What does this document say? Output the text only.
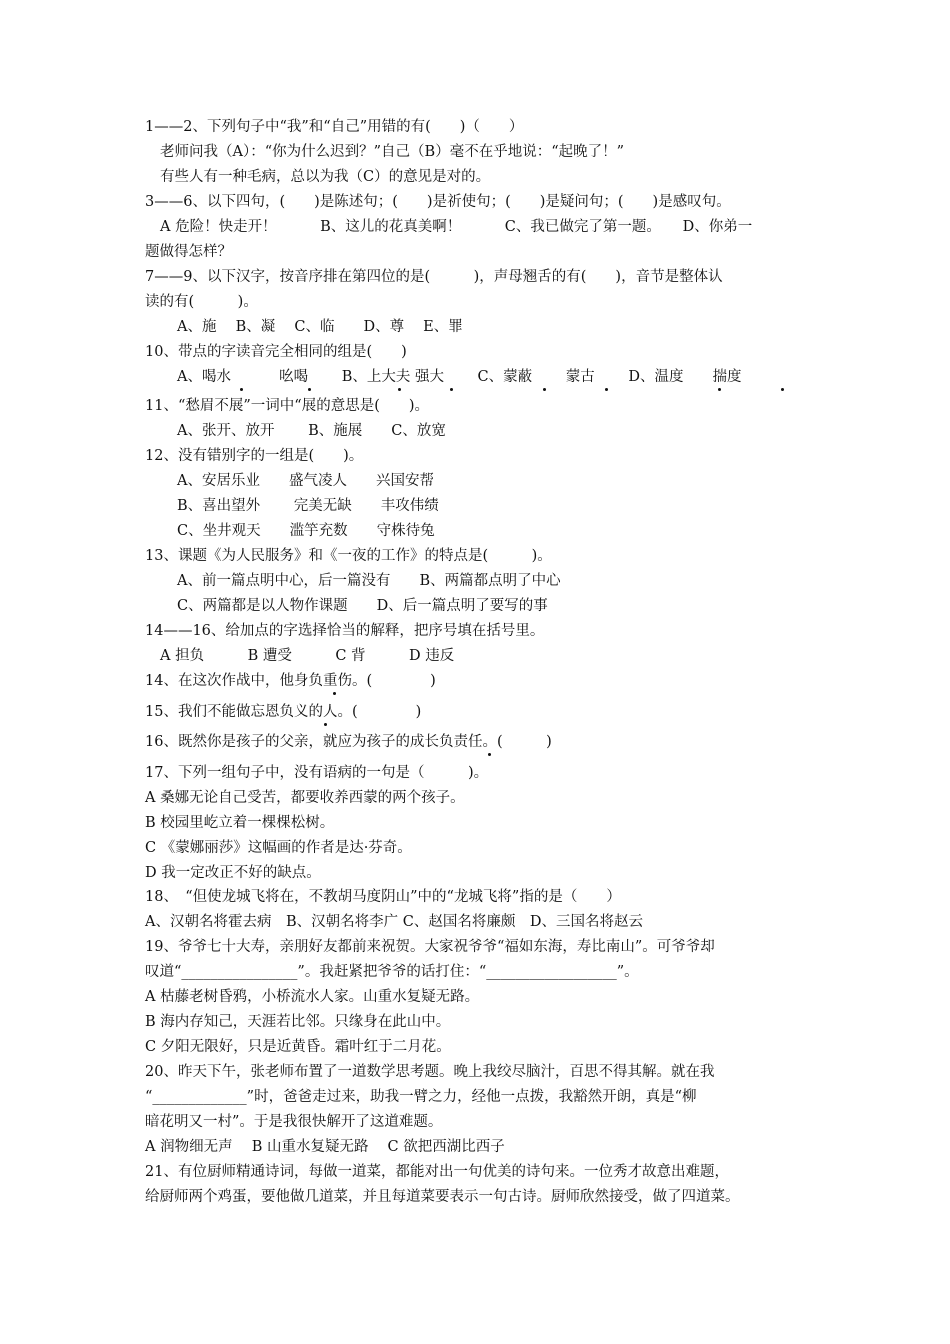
1——2、下列句子中“我”和“自己”用错的有(　　)（　　）
老师问我（A）：“你为什么迟到？”自己（B）毫不在乎地说：“起晚了！”
有些人有一种毛病，总以为我（C）的意见是对的。
3——6、以下四句，(　　)是陈述句；(　　)是祈使句；(　　)是疑问句；(　　)是感叹句。
A 危险！快走开！　　　B、这儿的花真美啊！　　　C、我已做完了第一题。　　D、你弟一
题做得怎样？
7——9、以下汉字，按音序排在第四位的是(　　　)，声母翘舌的有(　　)，音节是整体认
读的有(　　　)。
A、施　 B、凝　 C、临　　D、尊　 E、罪
10、带点的字读音完全相同的组是(　　)
A、喝水　　　 吆喝　　 B、上大夫 强大　　 C、蒙蔽　　 蒙古　　 D、温度　　揣度
11、“愁眉不展”一词中“展的意思是(　　)。
A、张开、放开　　 B、施展　　C、放宽
12、没有错别字的一组是(　　)。
A、安居乐业　　盛气凌人　　兴国安帮
B、喜出望外　　 完美无缺　　丰攻伟绩
C、坐井观天　　滥竽充数　　守株待兔
13、课题《为人民服务》和《一夜的工作》的特点是(　　　)。
A、前一篇点明中心，后一篇没有　　B、两篇都点明了中心
C、两篇都是以人物作课题　　D、后一篇点明了要写的事
14——16、给加点的字选择恰当的解释，把序号填在括号里。
A 担负　　　B 遭受　　　C 背　　　D 违反
14、在这次作战中，他身负重伤。(　　　　)
15、我们不能做忘恩负义的人。(　　　　)
16、既然你是孩子的父亲，就应为孩子的成长负责任。(　　　)
17、下列一组句子中，没有语病的一句是（　　　)。
A 桑娜无论自己受苦，都要收养西蒙的两个孩子。
B 校园里屹立着一棵棵松树。
C 《蒙娜丽莎》这幅画的作者是达·芬奇。
D 我一定改正不好的缺点。
18、　“但使龙城飞将在，不教胡马度阴山”中的“龙城飞将”指的是（　　）
A、汉朝名将霍去病　B、汉朝名将李广 C、赵国名将廉颇　D、三国名将赵云
19、爷爷七十大寿，亲朋好友都前来祝贺。大家祝爷爷“福如东海，寿比南山”。可爷爷却
叹道“________________”。我赶紧把爷爷的话打住：“__________________”。
A 枯藤老树昏鸦，小桥流水人家。山重水复疑无路。
B 海内存知己，天涯若比邻。只缘身在此山中。
C 夕阳无限好，只是近黄昏。霜叶红于二月花。
20、昨天下午，张老师布置了一道数学思考题。晚上我绞尽脑汁，百思不得其解。就在我
“_____________”时，爸爸走过来，助我一臂之力，经他一点拨，我豁然开朗，真是“柳
暗花明又一村”。于是我很快解开了这道难题。
A 润物细无声　 B 山重水复疑无路　 C 欲把西湖比西子
21、有位厨师精通诗词，每做一道菜，都能对出一句优美的诗句来。一位秀才故意出难题，
给厨师两个鸡蛋，要他做几道菜，并且每道菜要表示一句古诗。厨师欣然接受，做了四道菜。
